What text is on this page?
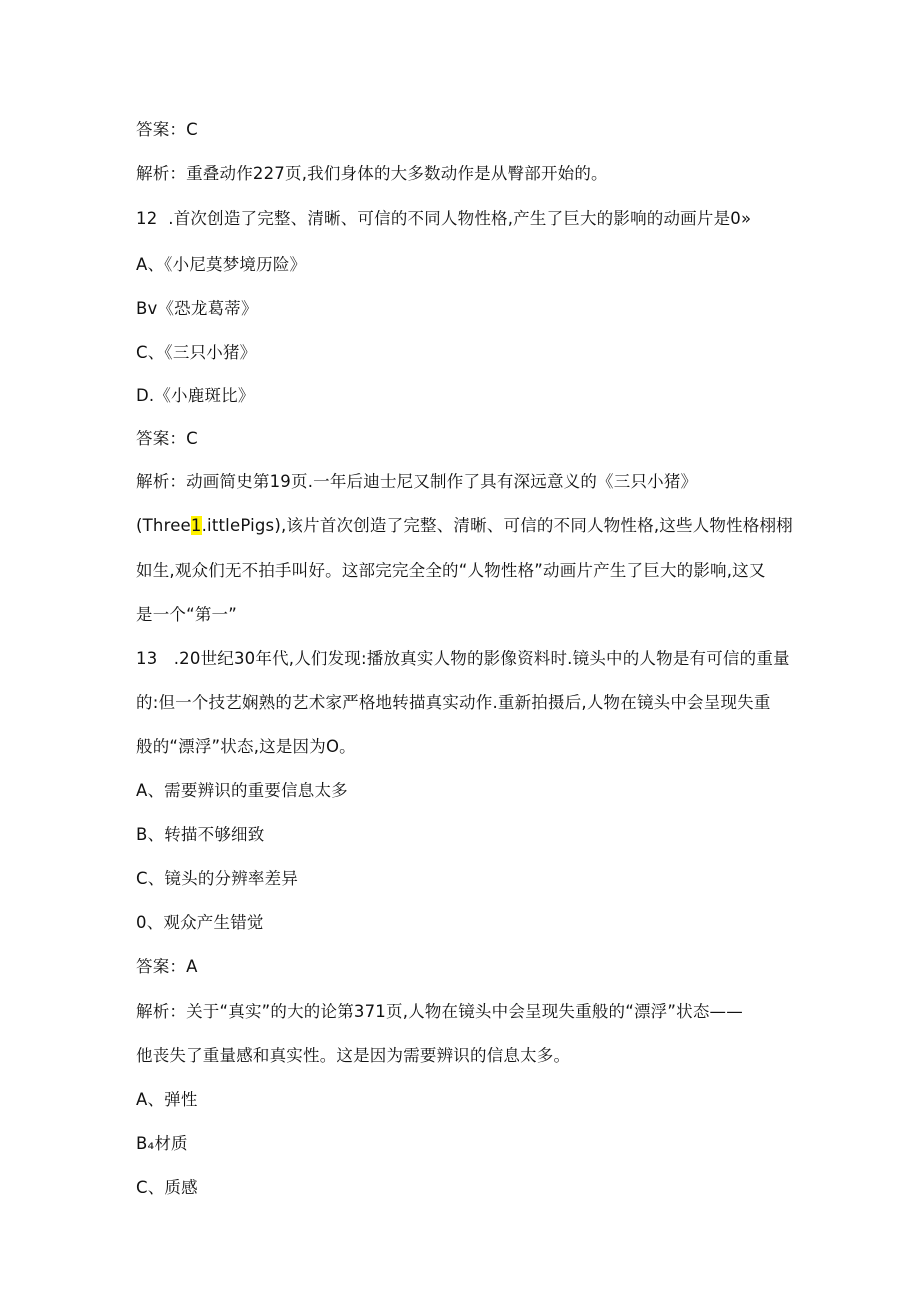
答案：C
解析：重叠动作227页,我们身体的大多数动作是从臀部开始的。
12  .首次创造了完整、清晰、可信的不同人物性格,产生了巨大的影响的动画片是0»
A、《小尼莫梦境历险》
Bv《恐龙葛蒂》
C、《三只小猪》
D.《小鹿斑比》
答案：C
解析：动画简史第19页.一年后迪士尼又制作了具有深远意义的《三只小猪》
(Three1.ittlePigs),该片首次创造了完整、清晰、可信的不同人物性格,这些人物性格栩栩
如生,观众们无不拍手叫好。这部完完全全的“人物性格”动画片产生了巨大的影响,这又
是一个“第一”
13   .20世纪30年代,人们发现:播放真实人物的影像资料时.镜头中的人物是有可信的重量
的:但一个技艺娴熟的艺术家严格地转描真实动作.重新拍摄后,人物在镜头中会呈现失重
般的“漂浮”状态,这是因为O。
A、需要辨识的重要信息太多
B、转描不够细致
C、镜头的分辨率差异
0、观众产生错觉
答案：A
解析：关于“真实”的大的论第371页,人物在镜头中会呈现失重般的“漂浮”状态——
他丧失了重量感和真实性。这是因为需要辨识的信息太多。
A、弹性
B₄材质
C、质感
